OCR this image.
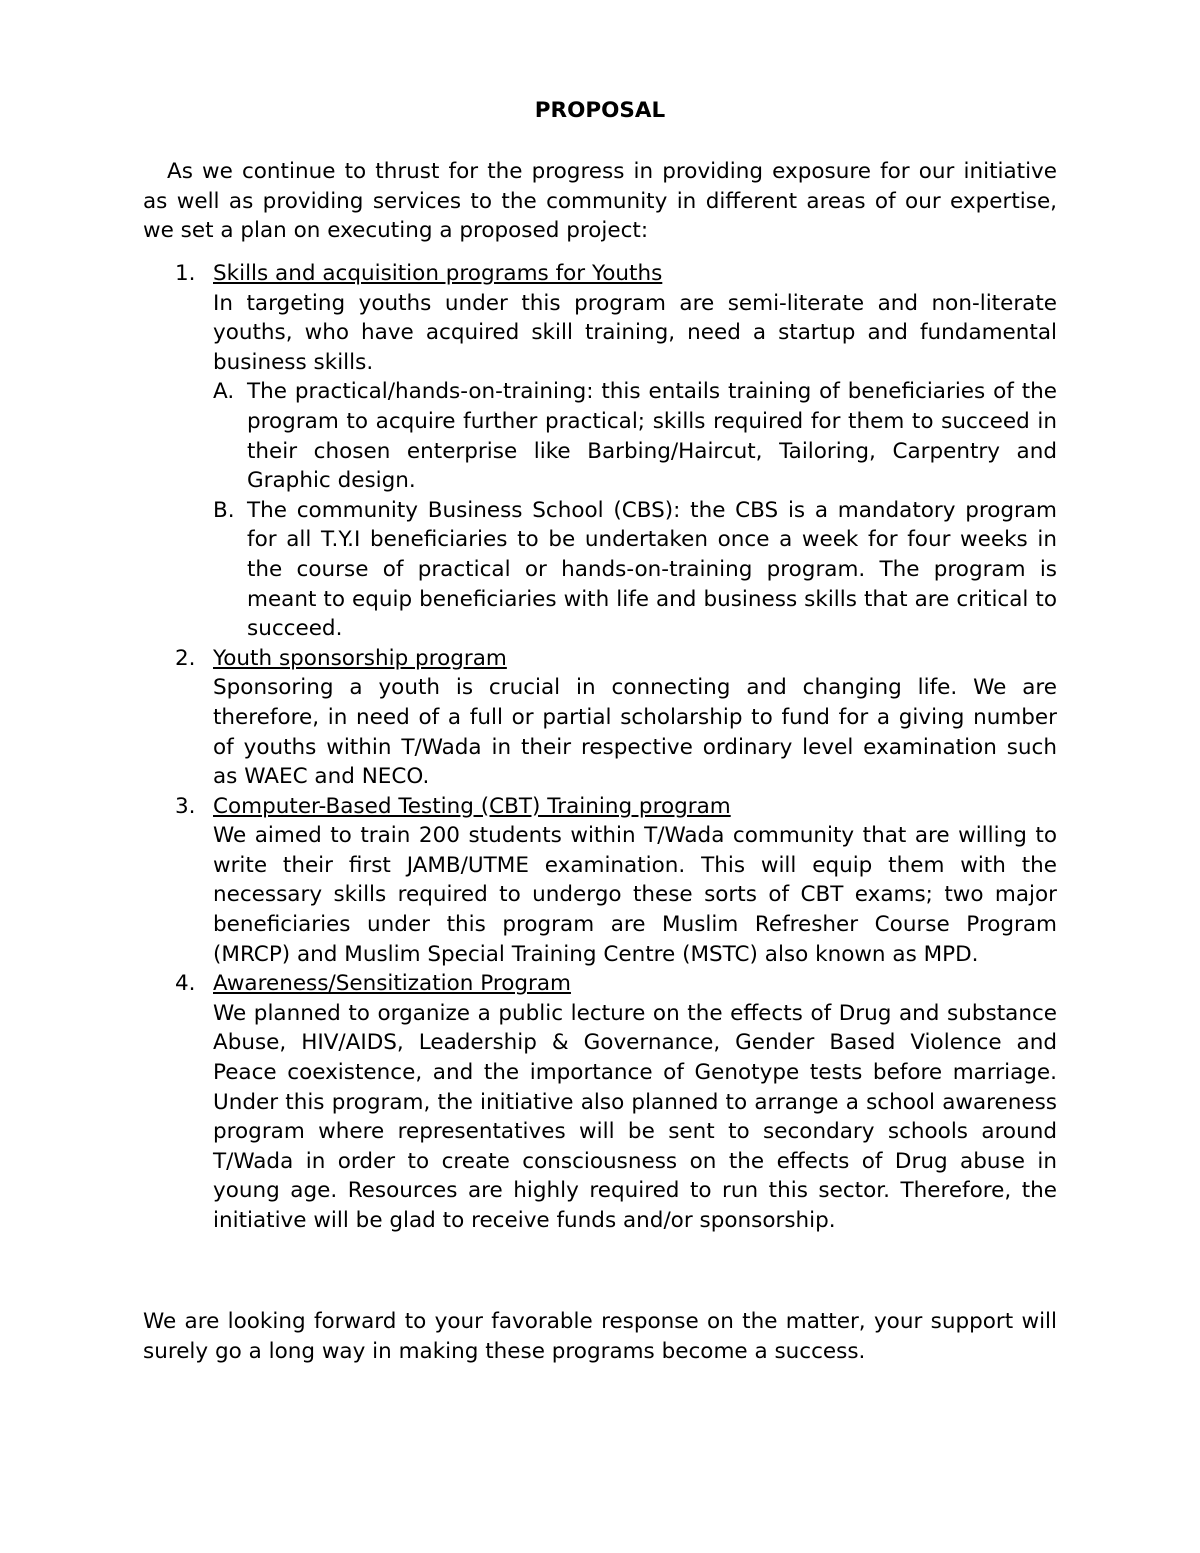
PROPOSAL

As we continue to thrust for the progress in providing exposure for our initiative as well as providing services to the community in different areas of our expertise, we set a plan on executing a proposed project:

1. Skills and acquisition programs for Youths

In targeting youths under this program are semi-literate and non-literate youths, who have acquired skill training, need a startup and fundamental business skills.

A. The practical/hands-on-training: this entails training of beneficiaries of the program to acquire further practical; skills required for them to succeed in their chosen enterprise like Barbing/Haircut, Tailoring, Carpentry and Graphic design.
B. The community Business School (CBS): the CBS is a mandatory program for all T.Y.I beneficiaries to be undertaken once a week for four weeks in the course of practical or hands-on-training program. The program is meant to equip beneficiaries with life and business skills that are critical to succeed.
2. Youth sponsorship program

Sponsoring a youth is crucial in connecting and changing life. We are therefore, in need of a full or partial scholarship to fund for a giving number of youths within T/Wada in their respective ordinary level examination such as WAEC and NECO.

3. Computer-Based Testing (CBT) Training program

We aimed to train 200 students within T/Wada community that are willing to write their first JAMB/UTME examination. This will equip them with the necessary skills required to undergo these sorts of CBT exams; two major beneficiaries under this program are Muslim Refresher Course Program (MRCP) and Muslim Special Training Centre (MSTC) also known as MPD.

4. Awareness/Sensitization Program

We planned to organize a public lecture on the effects of Drug and substance Abuse, HIV/AIDS, Leadership & Governance, Gender Based Violence and Peace coexistence, and the importance of Genotype tests before marriage. Under this program, the initiative also planned to arrange a school awareness program where representatives will be sent to secondary schools around T/Wada in order to create consciousness on the effects of Drug abuse in young age. Resources are highly required to run this sector. Therefore, the initiative will be glad to receive funds and/or sponsorship.

We are looking forward to your favorable response on the matter, your support will surely go a long way in making these programs become a success.
